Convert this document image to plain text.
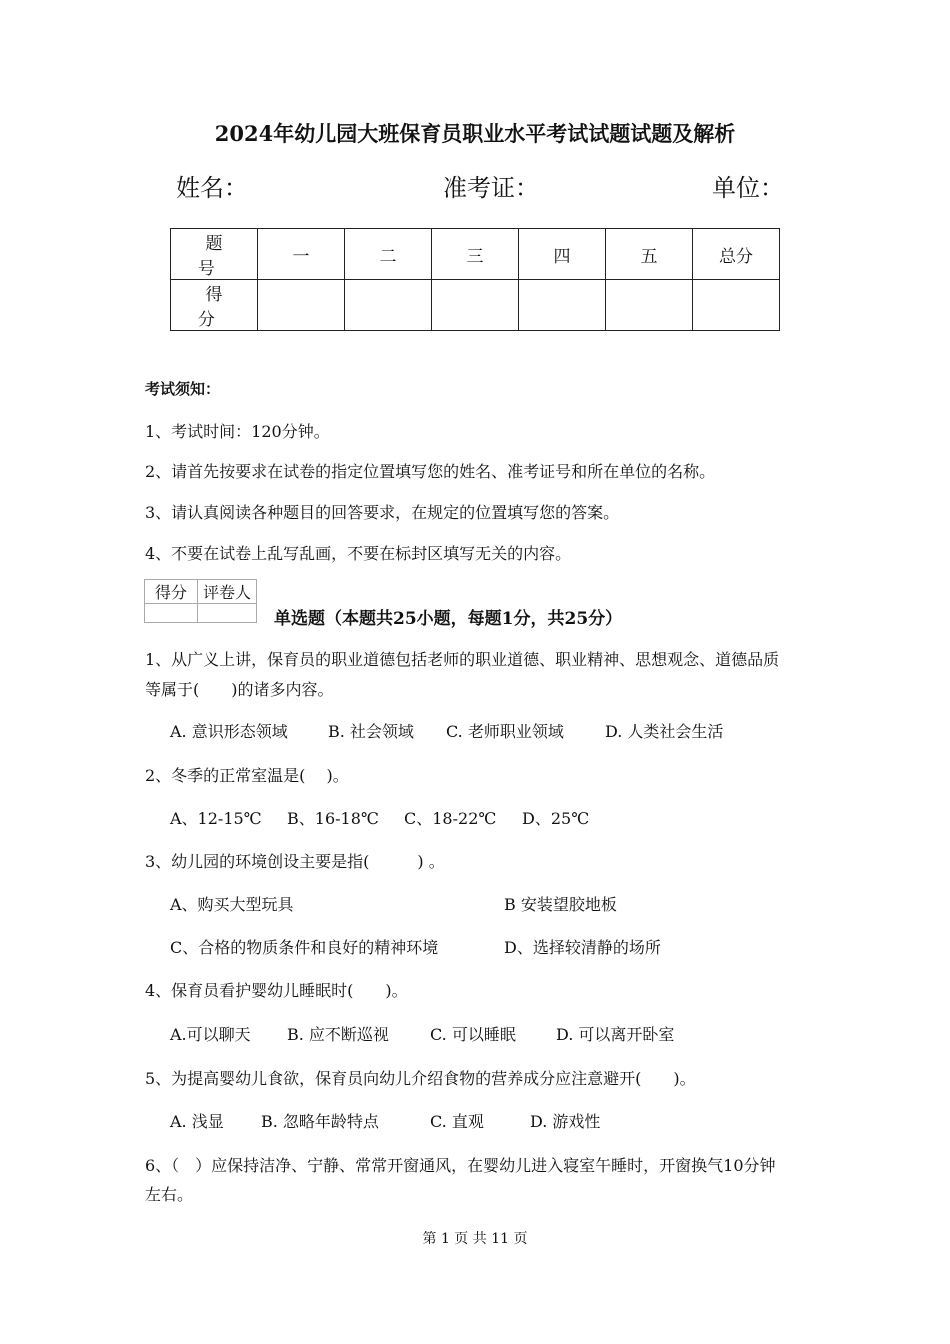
2024年幼儿园大班保育员职业水平考试试题试题及解析
姓名：	准考证：	单位：
题 号	一	二	三	四	五	总分
得 分						
考试须知：
1、考试时间：120分钟。
2、请首先按要求在试卷的指定位置填写您的姓名、准考证号和所在单位的名称。
3、请认真阅读各种题目的回答要求，在规定的位置填写您的答案。
4、不要在试卷上乱写乱画，不要在标封区填写无关的内容。
得分	评卷人

单选题（本题共25小题，每题1分，共25分）
1、从广义上讲，保育员的职业道德包括老师的职业道德、职业精神、思想观念、道德品质
等属于(　　)的诸多内容。
A. 意识形态领域	B. 社会领域 C. 老师职业领域	D. 人类社会生活
2、冬季的正常室温是(　 )。
A、12-15℃ B、16-18℃ C、18-22℃ D、25℃
3、幼儿园的环境创设主要是指(　　　) 。
A、购买大型玩具	B 安装望胶地板
C、合格的物质条件和良好的精神环境	D、选择较清静的场所
4、保育员看护婴幼儿睡眠时(　　)。
A.可以聊天 B. 应不断巡视	C. 可以睡眠	D. 可以离开卧室
5、为提高婴幼儿食欲，保育员向幼儿介绍食物的营养成分应注意避开(　　)。
A. 浅显 B. 忽略年龄特点	C. 直观	D. 游戏性
6、（　）应保持洁净、宁静、常常开窗通风，在婴幼儿进入寝室午睡时，开窗换气10分钟
左右。
第 1 页 共 11 页
